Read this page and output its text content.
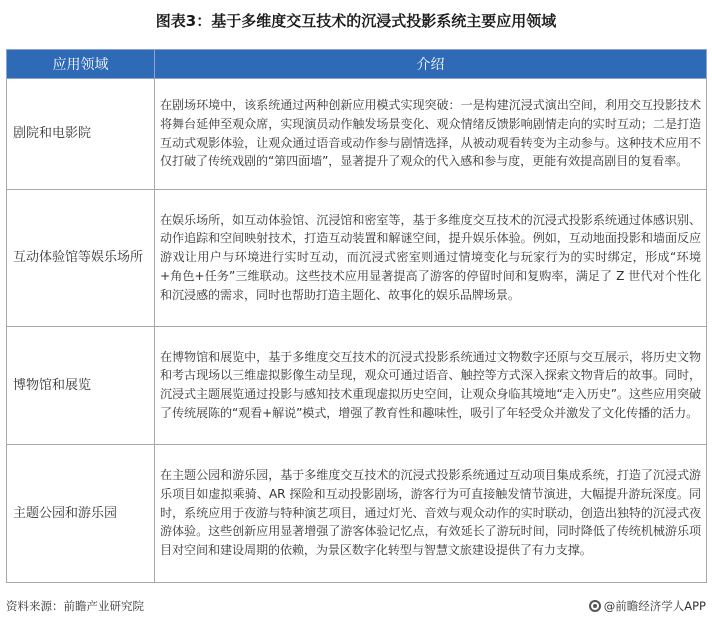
图表3：基于多维度交互技术的沉浸式投影系统主要应用领域
应用领域	介绍
剧院和电影院	在剧场环境中，该系统通过两种创新应用模式实现突破：一是构建沉浸式演出空间，利用交互投影技术将舞台延伸至观众席，实现演员动作触发场景变化、观众情绪反馈影响剧情走向的实时互动；二是打造互动式观影体验，让观众通过语音或动作参与剧情选择，从被动观看转变为主动参与。这种技术应用不仅打破了传统戏剧的“第四面墙”，显著提升了观众的代入感和参与度，更能有效提高剧目的复看率。
互动体验馆等娱乐场所	在娱乐场所，如互动体验馆、沉浸馆和密室等，基于多维度交互技术的沉浸式投影系统通过体感识别、动作追踪和空间映射技术，打造互动装置和解谜空间，提升娱乐体验。例如，互动地面投影和墙面反应游戏让用户与环境进行实时互动，而沉浸式密室则通过情境变化与玩家行为的实时绑定，形成“环境+角色+任务”三维联动。这些技术应用显著提高了游客的停留时间和复购率，满足了 Z 世代对个性化和沉浸感的需求，同时也帮助打造主题化、故事化的娱乐品牌场景。
博物馆和展览	在博物馆和展览中，基于多维度交互技术的沉浸式投影系统通过文物数字还原与交互展示，将历史文物和考古现场以三维虚拟影像生动呈现，观众可通过语音、触控等方式深入探索文物背后的故事。同时，沉浸式主题展览通过投影与感知技术重现虚拟历史空间，让观众身临其境地“走入历史”。这些应用突破了传统展陈的“观看+解说”模式，增强了教育性和趣味性，吸引了年轻受众并激发了文化传播的活力。
主题公园和游乐园	在主题公园和游乐园，基于多维度交互技术的沉浸式投影系统通过互动项目集成系统，打造了沉浸式游乐项目如虚拟乘骑、AR 探险和互动投影剧场，游客行为可直接触发情节演进，大幅提升游玩深度。同时，系统应用于夜游与特种演艺项目，通过灯光、音效与观众动作的实时联动，创造出独特的沉浸式夜游体验。这些创新应用显著增强了游客体验记忆点，有效延长了游玩时间，同时降低了传统机械游乐项目对空间和建设周期的依赖，为景区数字化转型与智慧文旅建设提供了有力支撑。
资料来源：前瞻产业研究院	@前瞻经济学人APP
